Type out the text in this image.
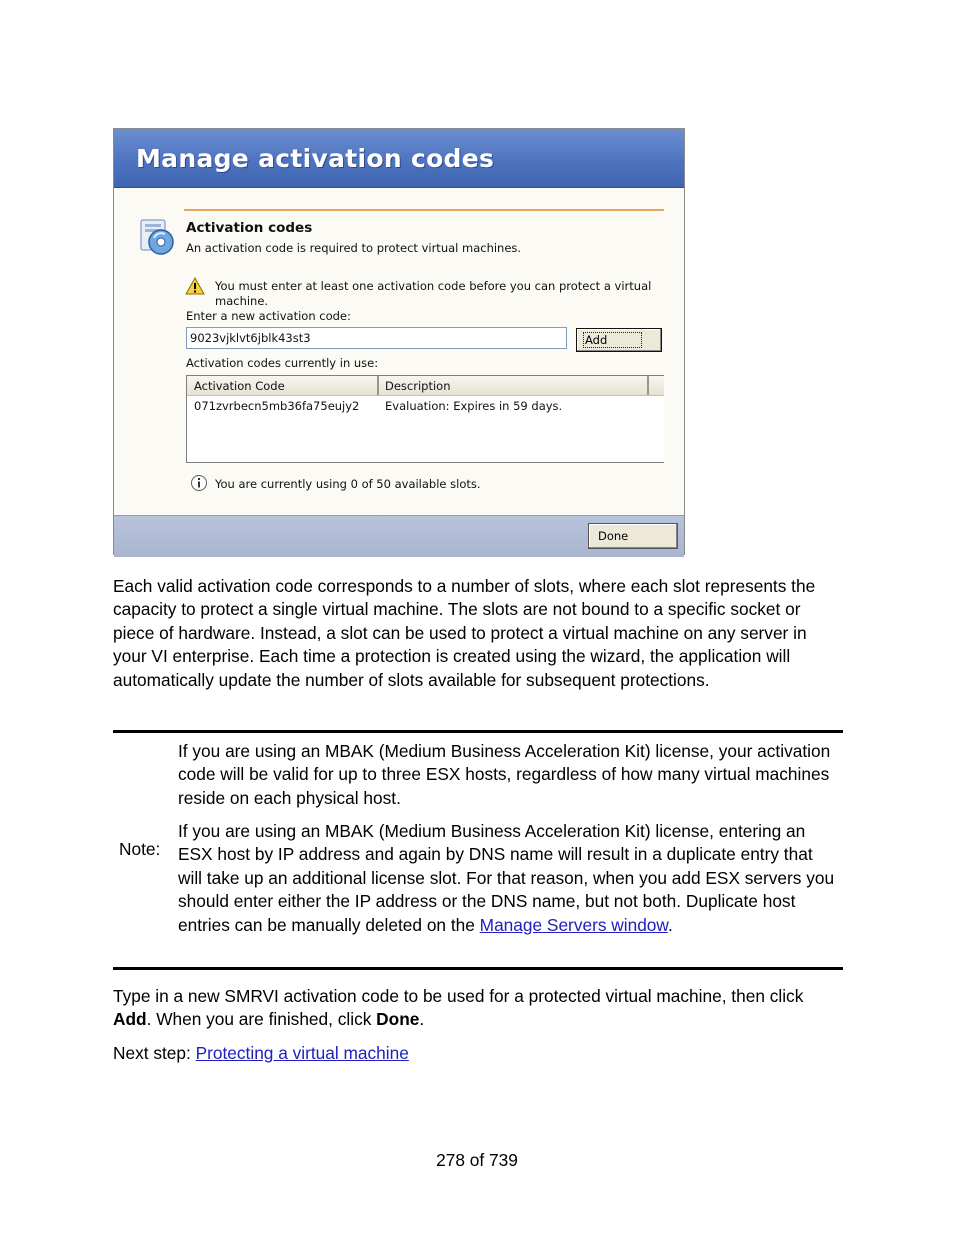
Manage activation codes
Activation codes
An activation code is required to protect virtual machines.
You must enter at least one activation code before you can protect a virtual machine.
Enter a new activation code:
9023vjklvt6jblk43st3
Add
Activation codes currently in use:
Activation Code	Description
071zvrbecn5mb36fa75eujy2 Evaluation: Expires in 59 days.
You are currently using 0 of 50 available slots.
Done

Each valid activation code corresponds to a number of slots, where each slot represents the capacity to protect a single virtual machine. The slots are not bound to a specific socket or piece of hardware. Instead, a slot can be used to protect a virtual machine on any server in your VI enterprise. Each time a protection is created using the wizard, the application will automatically update the number of slots available for subsequent protections.

Note:

If you are using an MBAK (Medium Business Acceleration Kit) license, your activation code will be valid for up to three ESX hosts, regardless of how many virtual machines reside on each physical host.

If you are using an MBAK (Medium Business Acceleration Kit) license, entering an ESX host by IP address and again by DNS name will result in a duplicate entry that will take up an additional license slot. For that reason, when you add ESX servers you should enter either the IP address or the DNS name, but not both. Duplicate host entries can be manually deleted on the Manage Servers window.

Type in a new SMRVI activation code to be used for a protected virtual machine, then click Add. When you are finished, click Done.

Next step: Protecting a virtual machine

278 of 739
